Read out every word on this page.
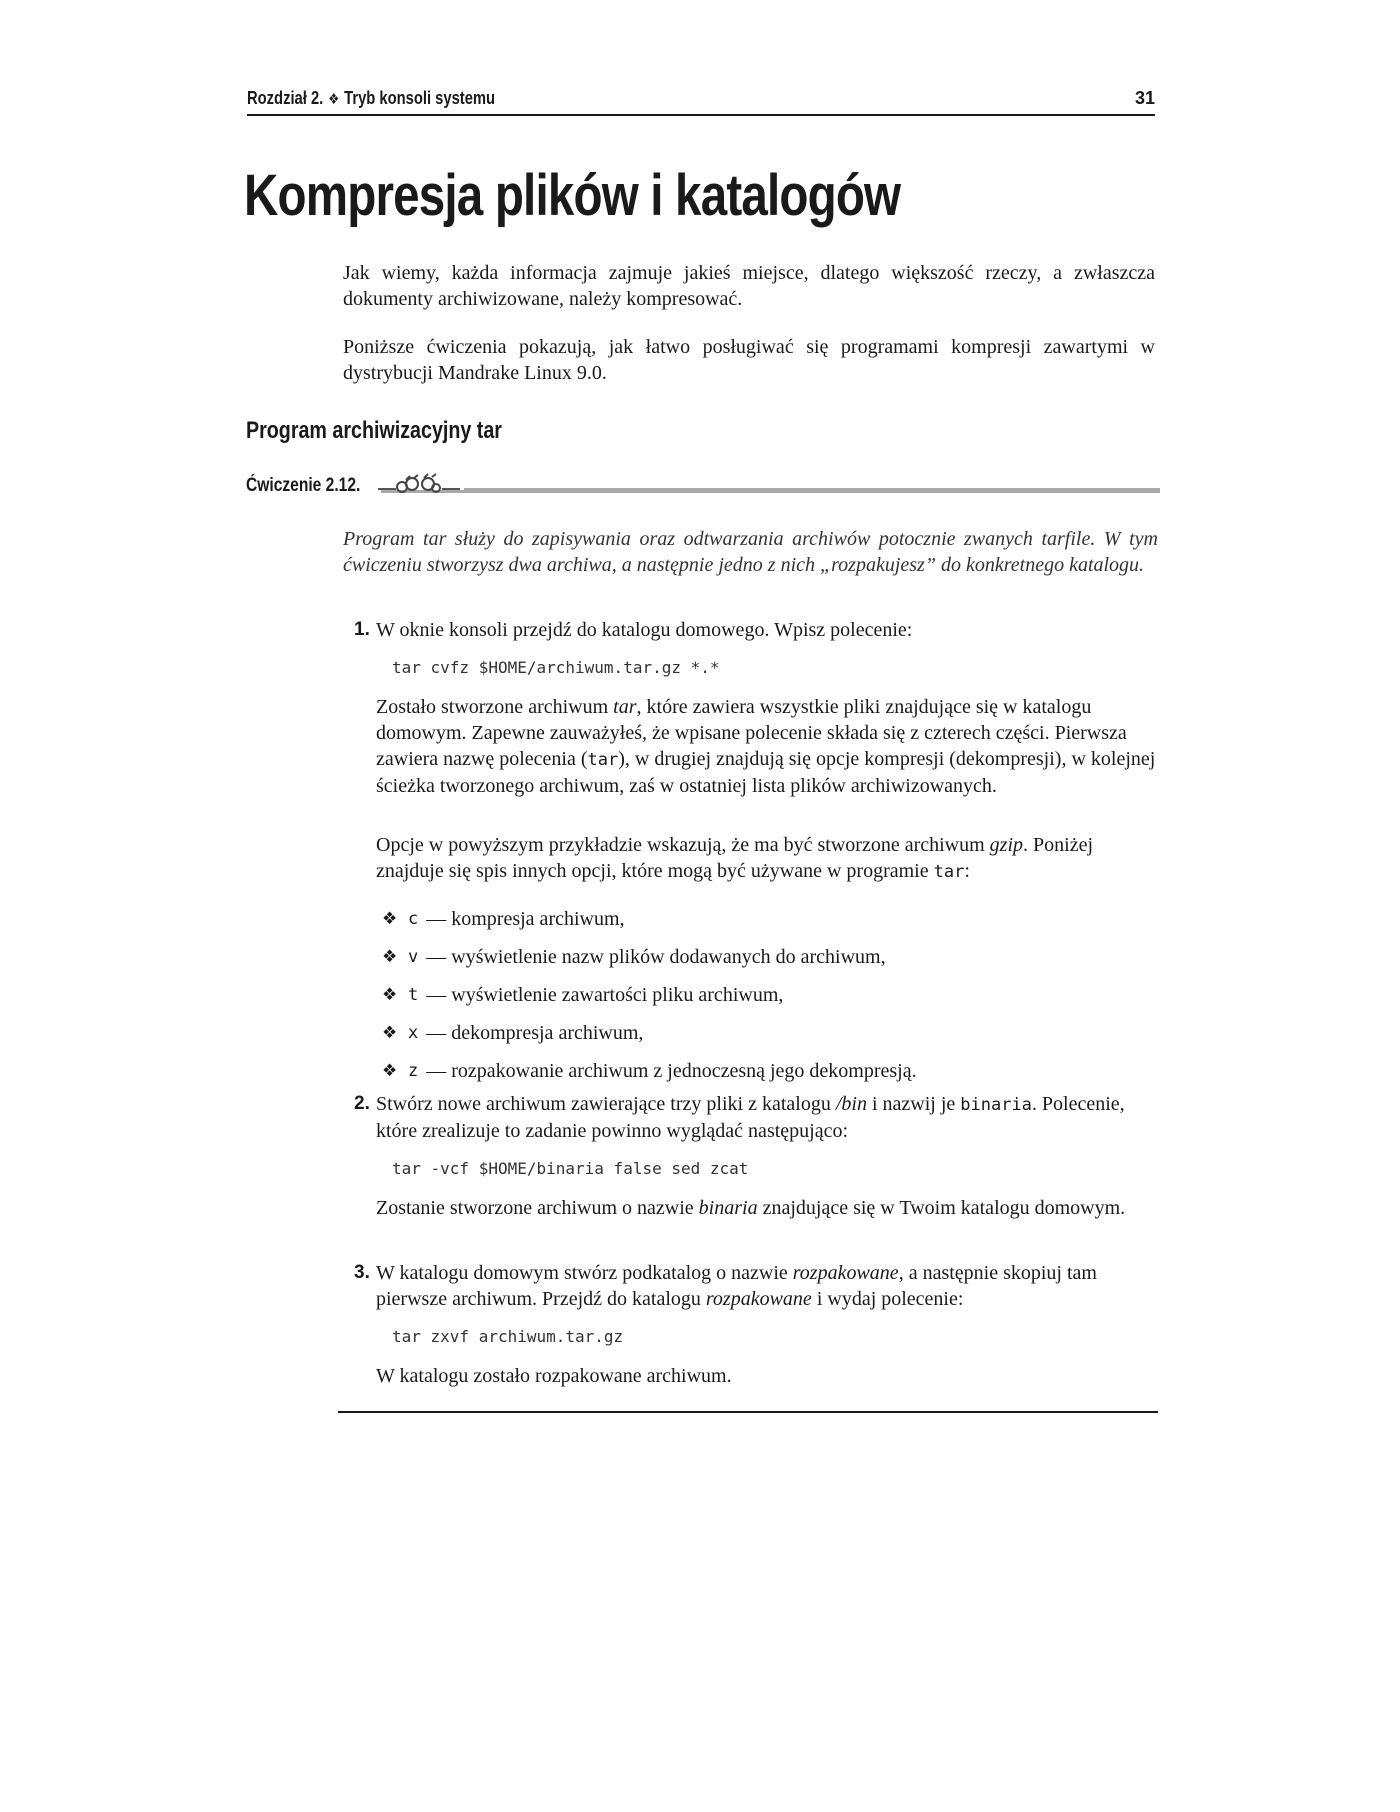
Rozdział 2. ❖ Tryb konsoli systemu	31
Kompresja plików i katalogów

Jak wiemy, każda informacja zajmuje jakieś miejsce, dlatego większość rzeczy, a zwłaszcza dokumenty archiwizowane, należy kompresować.

Poniższe ćwiczenia pokazują, jak łatwo posługiwać się programami kompresji zawartymi w dystrybucji Mandrake Linux 9.0.

Program archiwizacyjny tar
Ćwiczenie 2.12.

Program tar służy do zapisywania oraz odtwarzania archiwów potocznie zwanych tarfile. W tym ćwiczeniu stworzysz dwa archiwa, a następnie jedno z nich „rozpakujesz” do konkretnego katalogu.

1. W oknie konsoli przejdź do katalogu domowego. Wpisz polecenie:
tar cvfz $HOME/archiwum.tar.gz *.*

Zostało stworzone archiwum tar, które zawiera wszystkie pliki znajdujące się w katalogu domowym. Zapewne zauważyłeś, że wpisane polecenie składa się z czterech części. Pierwsza zawiera nazwę polecenia (tar), w drugiej znajdują się opcje kompresji (dekompresji), w kolejnej ścieżka tworzonego archiwum, zaś w ostatniej lista plików archiwizowanych.

Opcje w powyższym przykładzie wskazują, że ma być stworzone archiwum gzip. Poniżej znajduje się spis innych opcji, które mogą być używane w programie tar:

❖ c — kompresja archiwum,
❖ v — wyświetlenie nazw plików dodawanych do archiwum,
❖ t — wyświetlenie zawartości pliku archiwum,
❖ x — dekompresja archiwum,
❖ z — rozpakowanie archiwum z jednoczesną jego dekompresją.
2. Stwórz nowe archiwum zawierające trzy pliki z katalogu /bin i nazwij je binaria. Polecenie, które zrealizuje to zadanie powinno wyglądać następująco:
tar -vcf $HOME/binaria false sed zcat

Zostanie stworzone archiwum o nazwie binaria znajdujące się w Twoim katalogu domowym.

3. W katalogu domowym stwórz podkatalog o nazwie rozpakowane, a następnie skopiuj tam pierwsze archiwum. Przejdź do katalogu rozpakowane i wydaj polecenie:
tar zxvf archiwum.tar.gz

W katalogu zostało rozpakowane archiwum.
